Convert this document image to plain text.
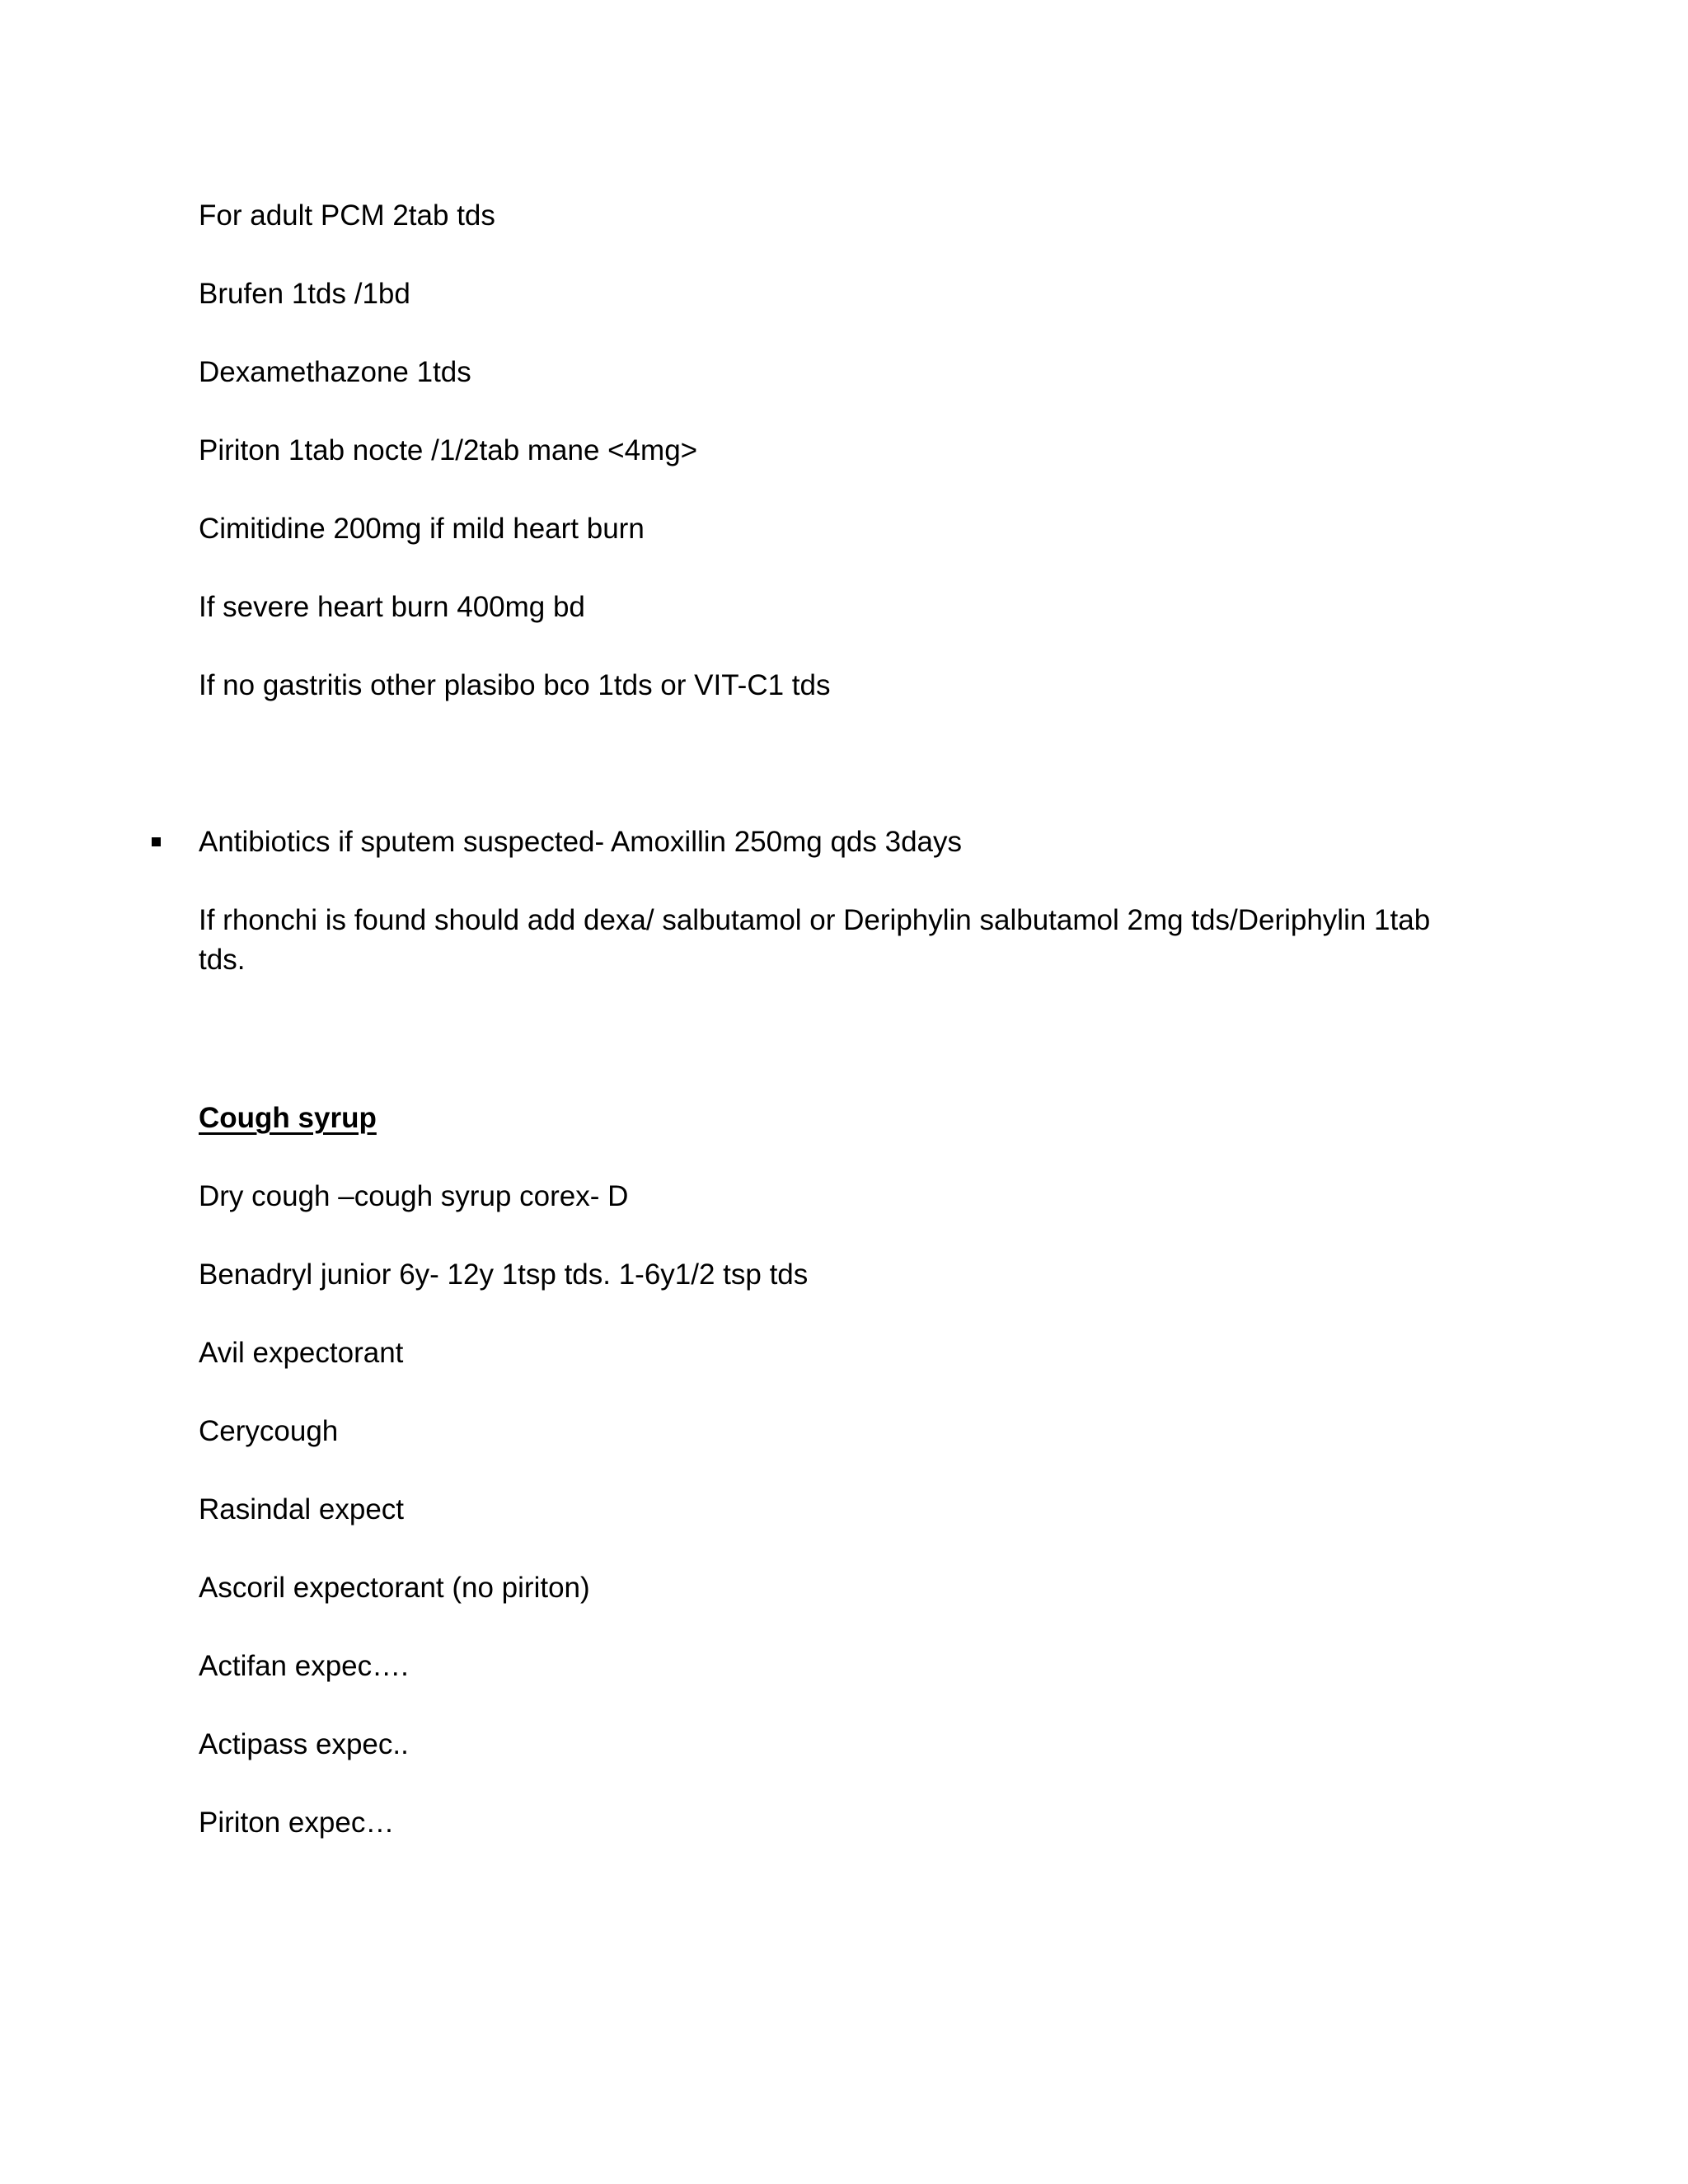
For adult PCM 2tab tds

Brufen 1tds /1bd

Dexamethazone 1tds

Piriton 1tab nocte /1/2tab mane <4mg>

Cimitidine 200mg if mild heart burn

If severe heart burn 400mg bd

If no gastritis other plasibo bco 1tds or VIT-C1 tds

Antibiotics if sputem suspected- Amoxillin 250mg qds 3days

If rhonchi is found should add dexa/ salbutamol or Deriphylin salbutamol 2mg tds/Deriphylin 1tab tds.

Cough syrup

Dry cough –cough syrup corex- D

Benadryl junior 6y- 12y 1tsp tds. 1-6y1/2 tsp tds

Avil expectorant

Cerycough

Rasindal expect

Ascoril expectorant (no piriton)

Actifan expec….

Actipass expec..

Piriton expec…
